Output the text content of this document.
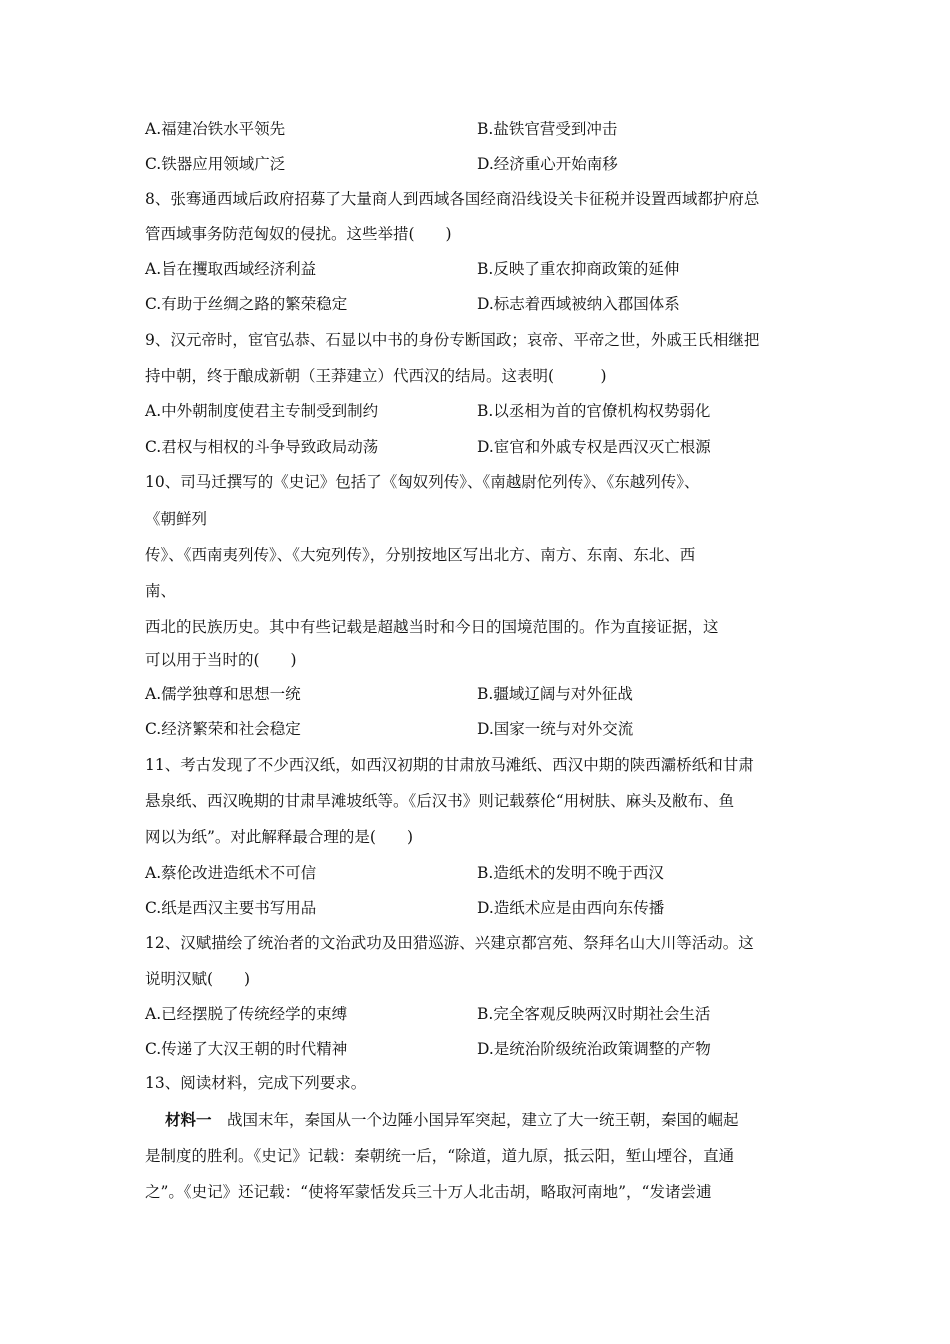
A.福建冶铁水平领先	B.盐铁官营受到冲击
C.铁器应用领域广泛	D.经济重心开始南移
8、张骞通西域后政府招募了大量商人到西域各国经商沿线设关卡征税并设置西域都护府总
管西域事务防范匈奴的侵扰。这些举措(　　)
A.旨在攫取西域经济利益	B.反映了重农抑商政策的延伸
C.有助于丝绸之路的繁荣稳定	D.标志着西域被纳入郡国体系
9、汉元帝时，宦官弘恭、石显以中书的身份专断国政；哀帝、平帝之世，外戚王氏相继把
持中朝，终于酿成新朝（王莽建立）代西汉的结局。这表明(　　　)
A.中外朝制度使君主专制受到制约	B.以丞相为首的官僚机构权势弱化
C.君权与相权的斗争导致政局动荡	D.宦官和外戚专权是西汉灭亡根源
10、司马迁撰写的《史记》包括了《匈奴列传》、《南越尉佗列传》、《东越列传》、
《朝鲜列
传》、《西南夷列传》、《大宛列传》，分别按地区写出北方、南方、东南、东北、西
南、
西北的民族历史。其中有些记载是超越当时和今日的国境范围的。作为直接证据，这
可以用于当时的(　　)
A.儒学独尊和思想一统	B.疆域辽阔与对外征战
C.经济繁荣和社会稳定	D.国家一统与对外交流
11、考古发现了不少西汉纸，如西汉初期的甘肃放马滩纸、西汉中期的陕西灞桥纸和甘肃
悬泉纸、西汉晚期的甘肃旱滩坡纸等。《后汉书》则记载蔡伦“用树肤、麻头及敝布、鱼
网以为纸”。对此解释最合理的是(　　)
A.蔡伦改进造纸术不可信	B.造纸术的发明不晚于西汉
C.纸是西汉主要书写用品	D.造纸术应是由西向东传播
12、汉赋描绘了统治者的文治武功及田猎巡游、兴建京都宫苑、祭拜名山大川等活动。这
说明汉赋(　　)
A.已经摆脱了传统经学的束缚	B.完全客观反映两汉时期社会生活
C.传递了大汉王朝的时代精神	D.是统治阶级统治政策调整的产物
13、阅读材料，完成下列要求。
材料一　战国末年，秦国从一个边陲小国异军突起，建立了大一统王朝，秦国的崛起
是制度的胜利。《史记》记载：秦朝统一后，“除道，道九原，抵云阳，堑山堙谷，直通
之”。《史记》还记载：“使将军蒙恬发兵三十万人北击胡，略取河南地”，“发诸尝逋
